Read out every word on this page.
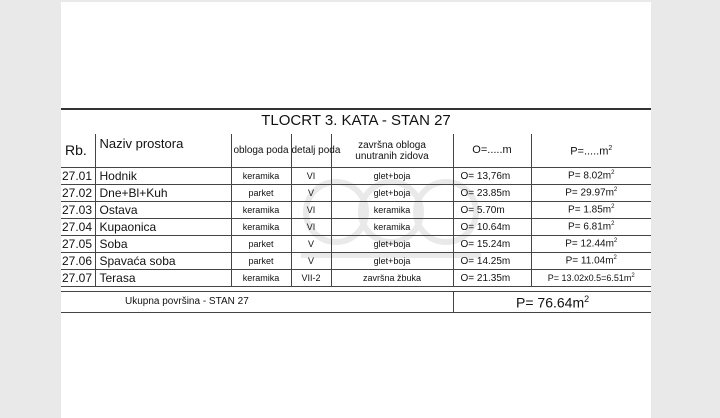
TLOCRT 3. KATA - STAN 27
Rb.	Naziv prostora	obloga poda	detalj poda	završna obloga
unutranih zidova	O=.....m	$P=.....m^2$
27.01	Hodnik	keramika	VI	glet+boja	O= 13,76m	$P= 8.02m^2$
27.02	Dne+Bl+Kuh	parket	V	glet+boja	O= 23.85m	$P= 29.97m^2$
27.03	Ostava	keramika	VI	keramika	O= 5.70m	$P= 1.85m^2$
27.04	Kupaonica	keramika	VI	keramika	O= 10.64m	$P= 6.81m^2$
27.05	Soba	parket	V	glet+boja	O= 15.24m	$P= 12.44m^2$
27.06	Spavaća soba	parket	V	glet+boja	O= 14.25m	$P= 11.04m^2$
27.07	Terasa	keramika	VII-2	završna žbuka	O= 21.35m	$P= 13.02x0.5=6.51m^2$
Ukupna površina - STAN 27	$P= 76.64m^2$
